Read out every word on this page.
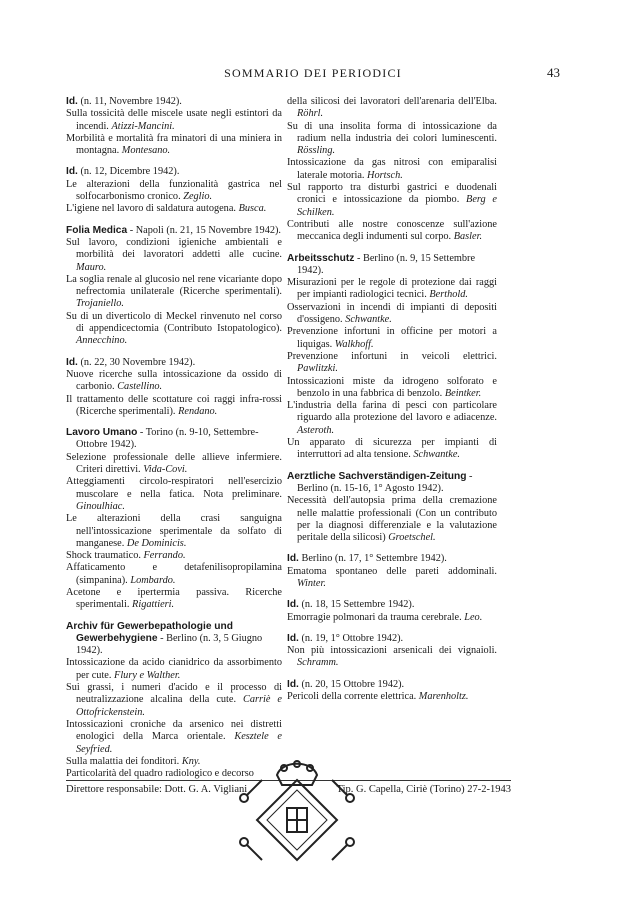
SOMMARIO DEI PERIODICI	43

Id. (n. 11, Novembre 1942).

Sulla tossicità delle miscele usate negli estintori da incendi. Atizzi-Mancini.

Morbilità e mortalità fra minatori di una miniera in montagna. Montesano.

Id. (n. 12, Dicembre 1942).

Le alterazioni della funzionalità gastrica nel solfocarbonismo cronico. Zeglio.

L'igiene nel lavoro di saldatura autogena. Busca.

Folia Medica - Napoli (n. 21, 15 Novembre 1942).

Sul lavoro, condizioni igieniche ambientali e morbilità dei lavoratori addetti alle cucine. Mauro.

La soglia renale al glucosio nel rene vicariante dopo nefrectomia unilaterale (Ricerche sperimentali). Trojaniello.

Su di un diverticolo di Meckel rinvenuto nel corso di appendicectomia (Contributo Istopatologico). Annecchino.

Id. (n. 22, 30 Novembre 1942).

Nuove ricerche sulla intossicazione da ossido di carbonio. Castellino.

Il trattamento delle scottature coi raggi infra-rossi (Ricerche sperimentali). Rendano.

Lavoro Umano - Torino (n. 9-10, Settembre-Ottobre 1942).

Selezione professionale delle allieve infermiere. Criteri direttivi. Vida-Covi.

Atteggiamenti circolo-respiratori nell'esercizio muscolare e nella fatica. Nota preliminare. Ginoulhiac.

Le alterazioni della crasi sanguigna nell'intossicazione sperimentale da solfato di manganese. De Dominicis.

Shock traumatico. Ferrando.

Affaticamento e detafenilisopropilamina (simpanina). Lombardo.

Acetone e ipertermia passiva. Ricerche sperimentali. Rigattieri.

Archiv für Gewerbepathologie und Gewerbehygiene - Berlino (n. 3, 5 Giugno 1942).

Intossicazione da acido cianidrico da assorbimento per cute. Flury e Walther.

Sui grassi, i numeri d'acido e il processo di neutralizzazione alcalina della cute. Carriè e Ottofrickenstein.

Intossicazioni croniche da arsenico nei distretti enologici della Marca orientale. Kesztele e Seyfried.

Sulla malattia dei fonditori. Kny.

Particolarità del quadro radiologico e decorso

della silicosi dei lavoratori dell'arenaria dell'Elba. Röhrl.

Su di una insolita forma di intossicazione da radium nella industria dei colori luminescenti. Rössling.

Intossicazione da gas nitrosi con emiparalisi laterale motoria. Hortsch.

Sul rapporto tra disturbi gastrici e duodenali cronici e intossicazione da piombo. Berg e Schilken.

Contributi alle nostre conoscenze sull'azione meccanica degli indumenti sul corpo. Basler.

Arbeitsschutz - Berlino (n. 9, 15 Settembre 1942).

Misurazioni per le regole di protezione dai raggi per impianti radiologici tecnici. Berthold.

Osservazioni in incendi di impianti di depositi d'ossigeno. Schwantke.

Prevenzione infortuni in officine per motori a liquigas. Walkhoff.

Prevenzione infortuni in veicoli elettrici. Pawlitzki.

Intossicazioni miste da idrogeno solforato e benzolo in una fabbrica di benzolo. Beintker.

L'industria della farina di pesci con particolare riguardo alla protezione del lavoro e adiacenze. Asteroth.

Un apparato di sicurezza per impianti di interruttori ad alta tensione. Schwantke.

Aerztliche Sachverständigen-Zeitung - Berlino (n. 15-16, 1° Agosto 1942).

Necessità dell'autopsia prima della cremazione nelle malattie professionali (Con un contributo per la diagnosi differenziale e la valutazione peritale della silicosi) Groetschel.

Id. Berlino (n. 17, 1° Settembre 1942).

Ematoma spontaneo delle pareti addominali. Winter.

Id. (n. 18, 15 Settembre 1942).

Emorragie polmonari da trauma cerebrale. Leo.

Id. (n. 19, 1° Ottobre 1942).

Non più intossicazioni arsenicali dei vignaioli. Schramm.

Id. (n. 20, 15 Ottobre 1942).

Pericoli della corrente elettrica. Marenholtz.

Direttore responsabile: Dott. G. A. Vigliani	Tip. G. Capella, Ciriè (Torino) 27-2-1943
